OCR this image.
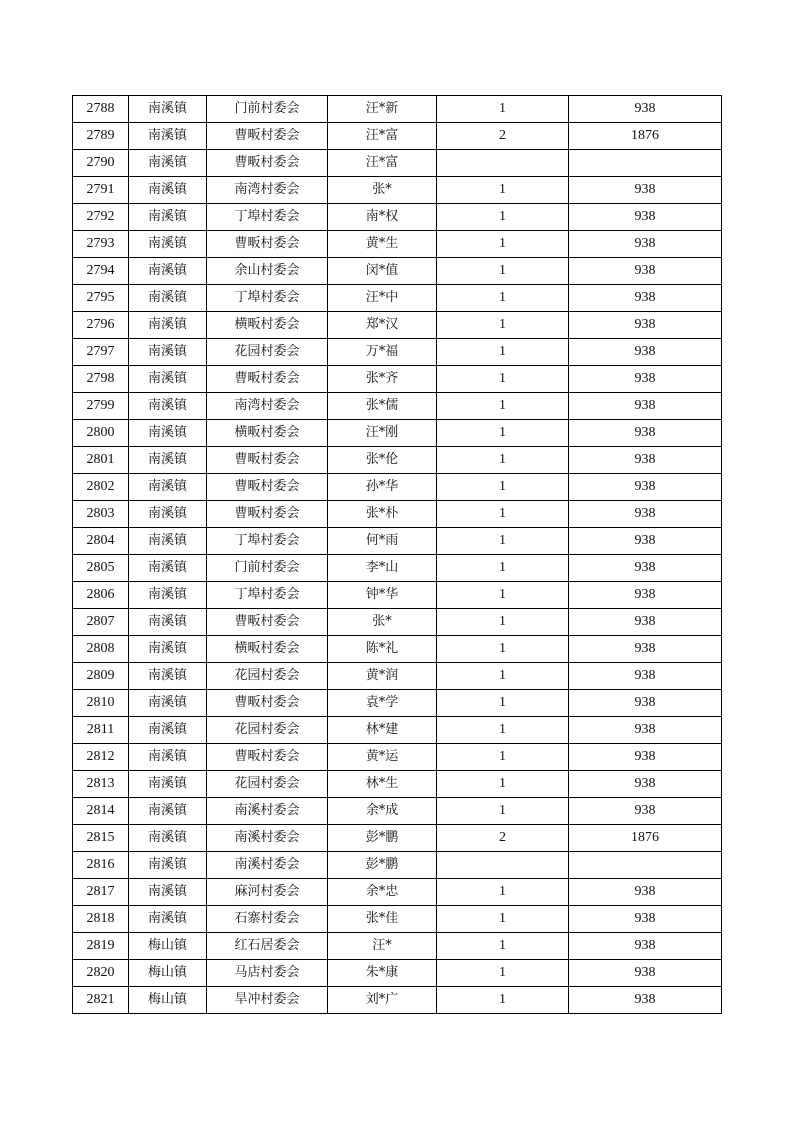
2788	南溪镇	门前村委会	汪*新	1	938
2789	南溪镇	曹畈村委会	汪*富	2	1876
2790	南溪镇	曹畈村委会	汪*富		
2791	南溪镇	南湾村委会	张*	1	938
2792	南溪镇	丁埠村委会	南*权	1	938
2793	南溪镇	曹畈村委会	黄*生	1	938
2794	南溪镇	余山村委会	闵*值	1	938
2795	南溪镇	丁埠村委会	汪*中	1	938
2796	南溪镇	横畈村委会	郑*汉	1	938
2797	南溪镇	花园村委会	万*福	1	938
2798	南溪镇	曹畈村委会	张*齐	1	938
2799	南溪镇	南湾村委会	张*儒	1	938
2800	南溪镇	横畈村委会	汪*刚	1	938
2801	南溪镇	曹畈村委会	张*伦	1	938
2802	南溪镇	曹畈村委会	孙*华	1	938
2803	南溪镇	曹畈村委会	张*朴	1	938
2804	南溪镇	丁埠村委会	何*雨	1	938
2805	南溪镇	门前村委会	李*山	1	938
2806	南溪镇	丁埠村委会	钟*华	1	938
2807	南溪镇	曹畈村委会	张*	1	938
2808	南溪镇	横畈村委会	陈*礼	1	938
2809	南溪镇	花园村委会	黄*润	1	938
2810	南溪镇	曹畈村委会	袁*学	1	938
2811	南溪镇	花园村委会	林*建	1	938
2812	南溪镇	曹畈村委会	黄*运	1	938
2813	南溪镇	花园村委会	林*生	1	938
2814	南溪镇	南溪村委会	余*成	1	938
2815	南溪镇	南溪村委会	彭*鹏	2	1876
2816	南溪镇	南溪村委会	彭*鹏		
2817	南溪镇	麻河村委会	余*忠	1	938
2818	南溪镇	石寨村委会	张*佳	1	938
2819	梅山镇	红石居委会	汪*	1	938
2820	梅山镇	马店村委会	朱*康	1	938
2821	梅山镇	旱冲村委会	刘*广	1	938
